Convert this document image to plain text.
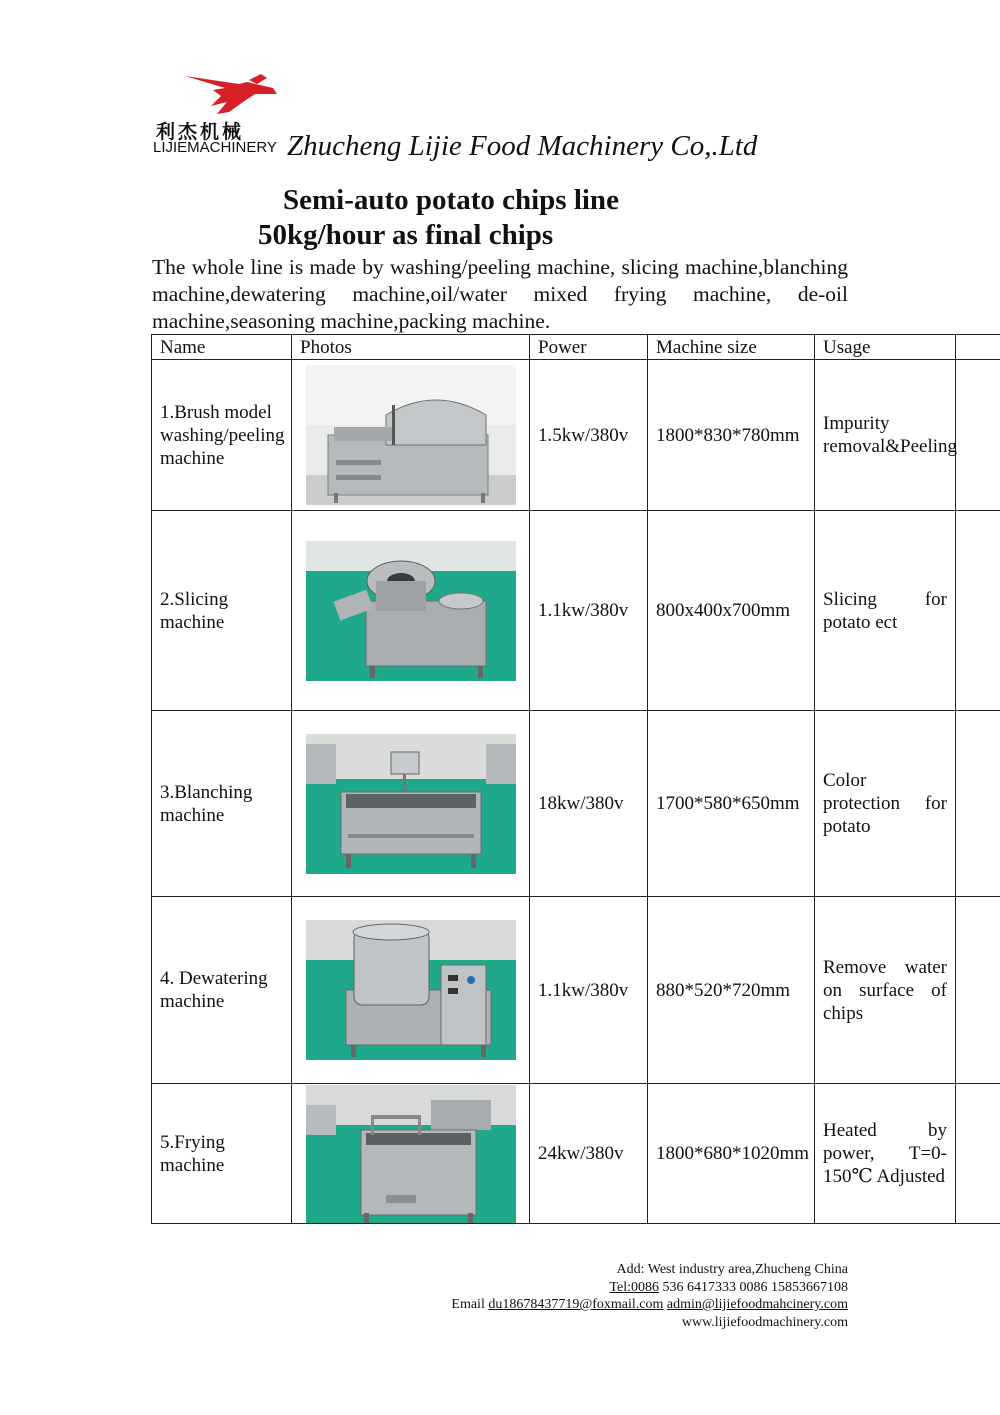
利杰机械
LIJIEMACHINERY Zhucheng Lijie Food Machinery Co,.Ltd
Semi-auto potato chips line
50kg/hour as final chips
The whole line is made by washing/peeling machine, slicing machine,blanching machine,dewatering machine,oil/water mixed frying machine, de-oil machine,seasoning machine,packing machine.
Name	Photos	Power	Machine size	Usage	
1.Brush model washing/peeling machine		1.5kw/380v	1800*830*780mm	Impurity removal&Peeling	
2.Slicing machine		1.1kw/380v	800x400x700mm	Slicing for potato ect	
3.Blanching machine		18kw/380v	1700*580*650mm	Color protection for potato	
4. Dewatering machine		1.1kw/380v	880*520*720mm	Remove water on surface of chips	
5.Frying machine		24kw/380v	1800*680*1020mm	Heated by power, T=0-150℃ Adjusted	
Add: West industry area,Zhucheng China
Tel:0086 536 6417333 0086 15853667108
Email du18678437719@foxmail.com admin@lijiefoodmahcinery.com
www.lijiefoodmachinery.com
